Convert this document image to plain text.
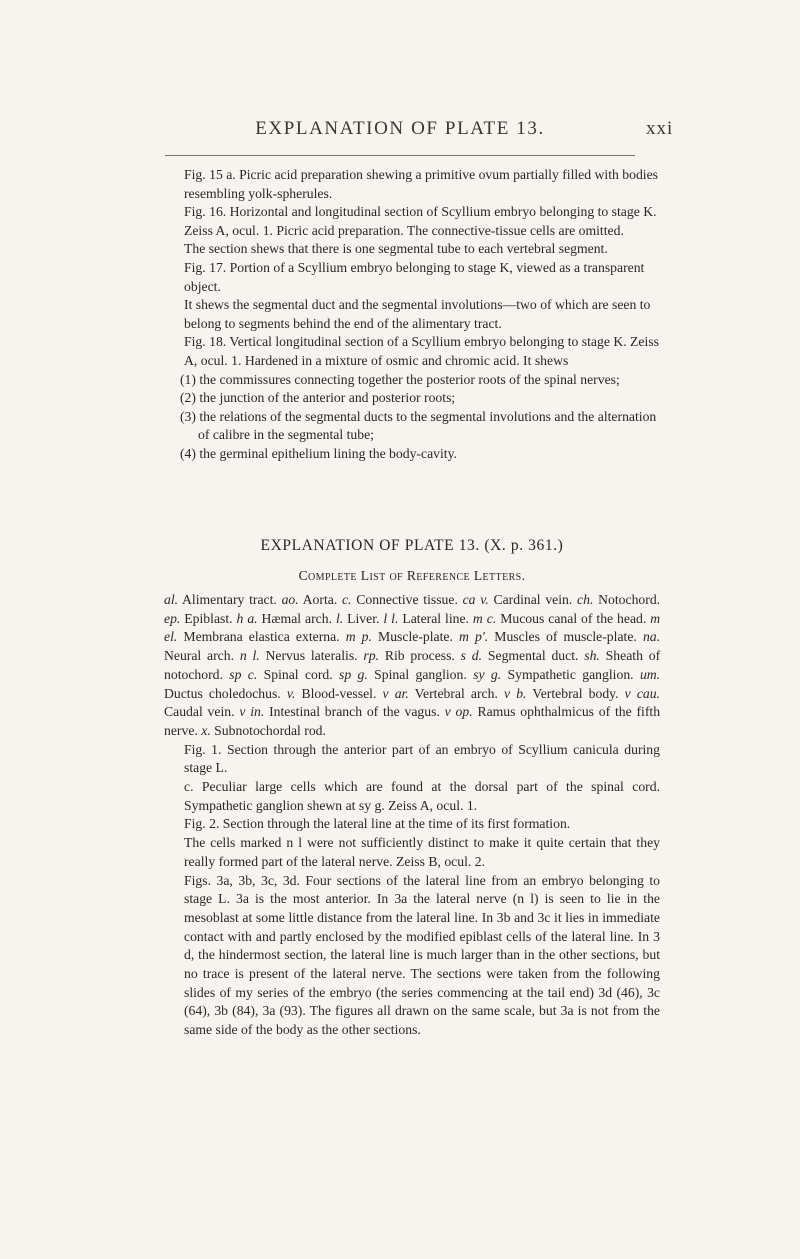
EXPLANATION OF PLATE 13.	xxi

Fig. 15 a. Picric acid preparation shewing a primitive ovum partially filled with bodies resembling yolk-spherules.

Fig. 16. Horizontal and longitudinal section of Scyllium embryo belonging to stage K. Zeiss A, ocul. 1. Picric acid preparation. The connective-tissue cells are omitted.

The section shews that there is one segmental tube to each vertebral segment.

Fig. 17. Portion of a Scyllium embryo belonging to stage K, viewed as a transparent object.

It shews the segmental duct and the segmental involutions—two of which are seen to belong to segments behind the end of the alimentary tract.

Fig. 18. Vertical longitudinal section of a Scyllium embryo belonging to stage K. Zeiss A, ocul. 1. Hardened in a mixture of osmic and chromic acid. It shews

(1) the commissures connecting together the posterior roots of the spinal nerves;
(2) the junction of the anterior and posterior roots;
(3) the relations of the segmental ducts to the segmental involutions and the alternation of calibre in the segmental tube;
(4) the germinal epithelium lining the body-cavity.
EXPLANATION OF PLATE 13. (X. p. 361.)
Complete List of Reference Letters.

al. Alimentary tract. ao. Aorta. c. Connective tissue. ca v. Cardinal vein. ch. Notochord. ep. Epiblast. h a. Hæmal arch. l. Liver. l l. Lateral line. m c. Mucous canal of the head. m el. Membrana elastica externa. m p. Muscle-plate. m p'. Muscles of muscle-plate. na. Neural arch. n l. Nervus lateralis. rp. Rib process. s d. Segmental duct. sh. Sheath of notochord. sp c. Spinal cord. sp g. Spinal ganglion. sy g. Sympathetic ganglion. um. Ductus choledochus. v. Blood-vessel. v ar. Vertebral arch. v b. Vertebral body. v cau. Caudal vein. v in. Intestinal branch of the vagus. v op. Ramus ophthalmicus of the fifth nerve. x. Subnotochordal rod.

Fig. 1. Section through the anterior part of an embryo of Scyllium canicula during stage L.

c. Peculiar large cells which are found at the dorsal part of the spinal cord. Sympathetic ganglion shewn at sy g. Zeiss A, ocul. 1.

Fig. 2. Section through the lateral line at the time of its first formation.

The cells marked n l were not sufficiently distinct to make it quite certain that they really formed part of the lateral nerve. Zeiss B, ocul. 2.

Figs. 3a, 3b, 3c, 3d. Four sections of the lateral line from an embryo belonging to stage L. 3a is the most anterior. In 3a the lateral nerve (n l) is seen to lie in the mesoblast at some little distance from the lateral line. In 3b and 3c it lies in immediate contact with and partly enclosed by the modified epiblast cells of the lateral line. In 3 d, the hindermost section, the lateral line is much larger than in the other sections, but no trace is present of the lateral nerve. The sections were taken from the following slides of my series of the embryo (the series commencing at the tail end) 3d (46), 3c (64), 3b (84), 3a (93). The figures all drawn on the same scale, but 3a is not from the same side of the body as the other sections.
